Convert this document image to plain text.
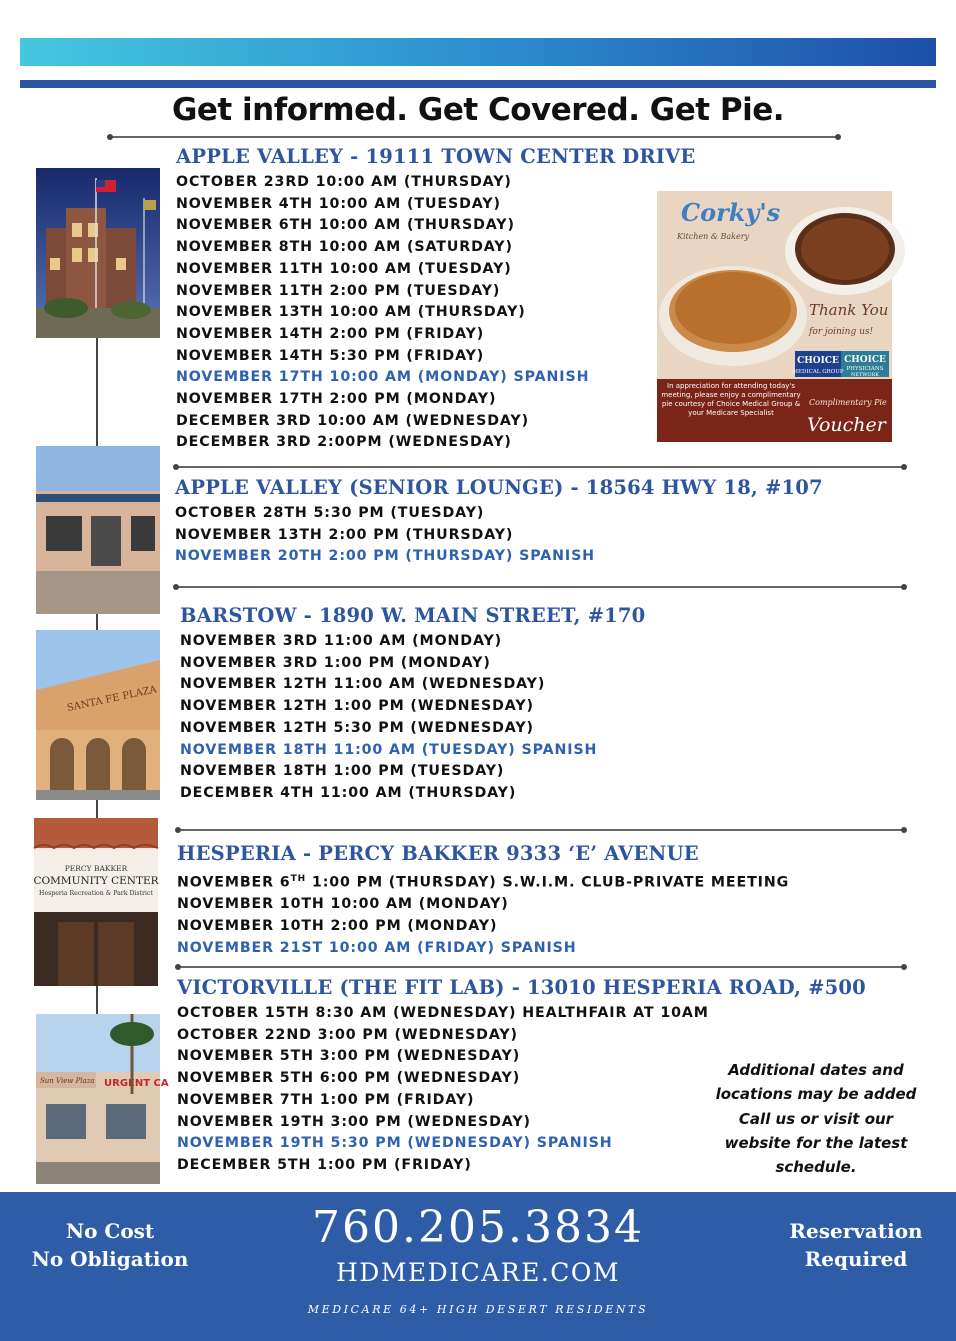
Get informed. Get Covered. Get Pie.
SANTA FE PLAZA
PERCY BAKKER
COMMUNITY CENTER
Hesperia Recreation & Park District
Sun View Plaza URGENT CA
APPLE VALLEY - 19111 TOWN CENTER DRIVE
OCTOBER 23RD 10:00 AM (THURSDAY)
NOVEMBER 4TH 10:00 AM (TUESDAY)
NOVEMBER 6TH 10:00 AM (THURSDAY)
NOVEMBER 8TH 10:00 AM (SATURDAY)
NOVEMBER 11TH 10:00 AM (TUESDAY)
NOVEMBER 11TH 2:00 PM (TUESDAY)
NOVEMBER 13TH 10:00 AM (THURSDAY)
NOVEMBER 14TH 2:00 PM (FRIDAY)
NOVEMBER 14TH 5:30 PM (FRIDAY)
NOVEMBER 17TH 10:00 AM (MONDAY) SPANISH
NOVEMBER 17TH 2:00 PM (MONDAY)
DECEMBER 3RD 10:00 AM (WEDNESDAY)
DECEMBER 3RD 2:00PM (WEDNESDAY)
Corky's
Kitchen & Bakery
Thank You
for joining us!
CHOICE
MEDICAL GROUP
CHOICE
PHYSICIANS
NETWORK
In appreciation for attending today's meeting, please enjoy a complimentary pie courtesy of Choice Medical Group & your Medicare Specialist
Complimentary Pie
Voucher
APPLE VALLEY (SENIOR LOUNGE) - 18564 HWY 18, #107
OCTOBER 28TH 5:30 PM (TUESDAY)
NOVEMBER 13TH 2:00 PM (THURSDAY)
NOVEMBER 20TH 2:00 PM (THURSDAY) SPANISH
BARSTOW - 1890 W. MAIN STREET, #170
NOVEMBER 3RD 11:00 AM (MONDAY)
NOVEMBER 3RD 1:00 PM (MONDAY)
NOVEMBER 12TH 11:00 AM (WEDNESDAY)
NOVEMBER 12TH 1:00 PM (WEDNESDAY)
NOVEMBER 12TH 5:30 PM (WEDNESDAY)
NOVEMBER 18TH 11:00 AM (TUESDAY) SPANISH
NOVEMBER 18TH 1:00 PM (TUESDAY)
DECEMBER 4TH 11:00 AM (THURSDAY)
HESPERIA - PERCY BAKKER 9333 ‘E’ AVENUE
NOVEMBER 6TH 1:00 PM (THURSDAY) S.W.I.M. CLUB-PRIVATE MEETING
NOVEMBER 10TH 10:00 AM (MONDAY)
NOVEMBER 10TH 2:00 PM (MONDAY)
NOVEMBER 21ST 10:00 AM (FRIDAY) SPANISH
VICTORVILLE (THE FIT LAB) - 13010 HESPERIA ROAD, #500
OCTOBER 15TH 8:30 AM (WEDNESDAY) HEALTHFAIR AT 10AM
OCTOBER 22ND 3:00 PM (WEDNESDAY)
NOVEMBER 5TH 3:00 PM (WEDNESDAY)
NOVEMBER 5TH 6:00 PM (WEDNESDAY)
NOVEMBER 7TH 1:00 PM (FRIDAY)
NOVEMBER 19TH 3:00 PM (WEDNESDAY)
NOVEMBER 19TH 5:30 PM (WEDNESDAY) SPANISH
DECEMBER 5TH 1:00 PM (FRIDAY)
Additional dates and
locations may be added
Call us or visit our
website for the latest
schedule.
No Cost
No Obligation
760.205.3834
HDMEDICARE.COM
Reservation
Required
MEDICARE 64+ HIGH DESERT RESIDENTS
